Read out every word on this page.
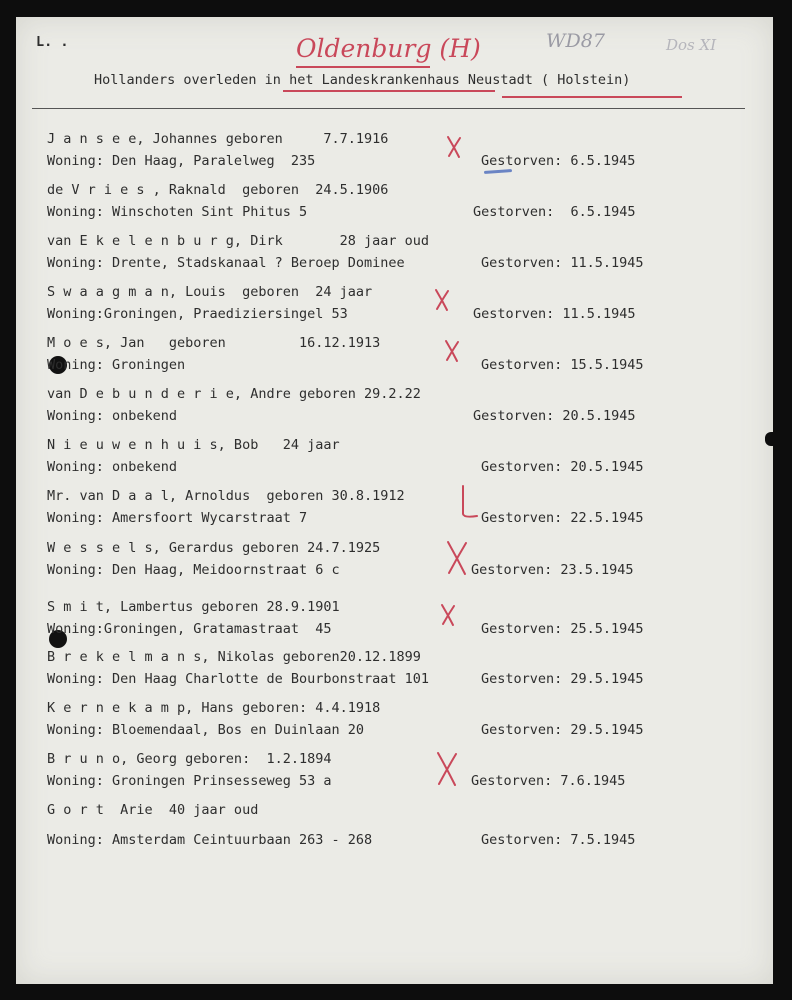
L. .	Oldenburg (H)	WD87	Dos XI
Hollanders overleden in het Landeskrankenhaus Neustadt ( Holstein)
J a n s e e, Johannes geboren     7.7.1916
Woning: Den Haag, Paralelweg  235	Gestorven: 6.5.1945
de V r i e s , Raknald  geboren  24.5.1906
Woning: Winschoten Sint Phitus 5	Gestorven:  6.5.1945
van E k e l e n b u r g, Dirk       28 jaar oud
Woning: Drente, Stadskanaal ? Beroep Dominee	Gestorven: 11.5.1945
S w a a g m a n, Louis  geboren  24 jaar
Woning:Groningen, Praediziersingel 53	Gestorven: 11.5.1945
M o e s, Jan   geboren         16.12.1913
Woning: Groningen	Gestorven: 15.5.1945
van D e b u n d e r i e, Andre geboren 29.2.22
Woning: onbekend	Gestorven: 20.5.1945
N i e u w e n h u i s, Bob   24 jaar
Woning: onbekend	Gestorven: 20.5.1945
Mr. van D a a l, Arnoldus  geboren 30.8.1912
Woning: Amersfoort Wycarstraat 7	Gestorven: 22.5.1945
W e s s e l s, Gerardus geboren 24.7.1925
Woning: Den Haag, Meidoornstraat 6 c	Gestorven: 23.5.1945
S m i t, Lambertus geboren 28.9.1901
Woning:Groningen, Gratamastraat  45	Gestorven: 25.5.1945
B r e k e l m a n s, Nikolas geboren20.12.1899
Woning: Den Haag Charlotte de Bourbonstraat 101	Gestorven: 29.5.1945
K e r n e k a m p, Hans geboren: 4.4.1918
Woning: Bloemendaal, Bos en Duinlaan 20	Gestorven: 29.5.1945
B r u n o, Georg geboren:  1.2.1894
Woning: Groningen Prinsesseweg 53 a	Gestorven: 7.6.1945
G o r t  Arie  40 jaar oud
Woning: Amsterdam Ceintuurbaan 263 - 268	Gestorven: 7.5.1945
